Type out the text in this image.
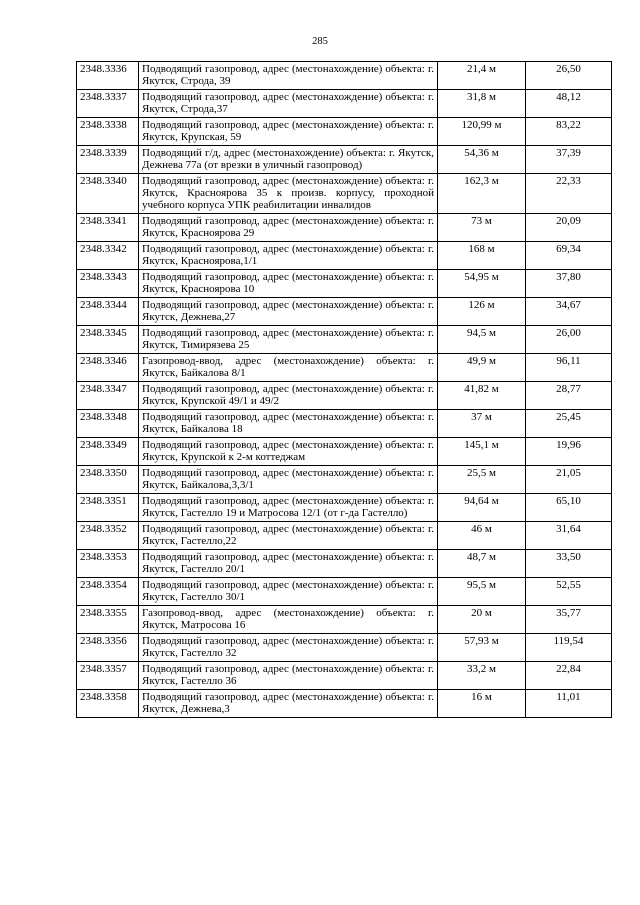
285
2348.3336	Подводящий газопровод, адрес (местонахождение) объекта: г. Якутск, Строда, 39	21,4 м	26,50
2348.3337	Подводящий газопровод, адрес (местонахождение) объекта: г. Якутск, Строда,37	31,8 м	48,12
2348.3338	Подводящий газопровод, адрес (местонахождение) объекта: г. Якутск, Крупская, 59	120,99 м	83,22
2348.3339	Подводящий г/д, адрес (местонахождение) объекта: г. Якутск, Дежнева 77а (от врезки в уличный газопровод)	54,36 м	37,39
2348.3340	Подводящий газопровод, адрес (местонахождение) объекта: г. Якутск, Красноярова 35 к произв. корпусу, проходной учебного корпуса УПК реабилитации инвалидов	162,3 м	22,33
2348.3341	Подводящий газопровод, адрес (местонахождение) объекта: г. Якутск, Красноярова 29	73 м	20,09
2348.3342	Подводящий газопровод, адрес (местонахождение) объекта: г. Якутск, Красноярова,1/1	168 м	69,34
2348.3343	Подводящий газопровод, адрес (местонахождение) объекта: г. Якутск, Красноярова 10	54,95 м	37,80
2348.3344	Подводящий газопровод, адрес (местонахождение) объекта: г. Якутск, Дежнева,27	126 м	34,67
2348.3345	Подводящий газопровод, адрес (местонахождение) объекта: г. Якутск, Тимирязева 25	94,5 м	26,00
2348.3346	Газопровод-ввод, адрес (местонахождение) объекта: г. Якутск, Байкалова 8/1	49,9 м	96,11
2348.3347	Подводящий газопровод, адрес (местонахождение) объекта: г. Якутск, Крупской 49/1 и 49/2	41,82 м	28,77
2348.3348	Подводящий газопровод, адрес (местонахождение) объекта: г. Якутск, Байкалова 18	37 м	25,45
2348.3349	Подводящий газопровод, адрес (местонахождение) объекта: г. Якутск, Крупской к 2-м коттеджам	145,1 м	19,96
2348.3350	Подводящий газопровод, адрес (местонахождение) объекта: г. Якутск, Байкалова,3,3/1	25,5 м	21,05
2348.3351	Подводящий газопровод, адрес (местонахождение) объекта: г. Якутск, Гастелло 19 и Матросова 12/1 (от г-да Гастелло)	94,64 м	65,10
2348.3352	Подводящий газопровод, адрес (местонахождение) объекта: г. Якутск, Гастелло,22	46 м	31,64
2348.3353	Подводящий газопровод, адрес (местонахождение) объекта: г. Якутск, Гастелло 20/1	48,7 м	33,50
2348.3354	Подводящий газопровод, адрес (местонахождение) объекта: г. Якутск, Гастелло 30/1	95,5 м	52,55
2348.3355	Газопровод-ввод, адрес (местонахождение) объекта: г. Якутск, Матросова 16	20 м	35,77
2348.3356	Подводящий газопровод, адрес (местонахождение) объекта: г. Якутск, Гастелло 32	57,93 м	119,54
2348.3357	Подводящий газопровод, адрес (местонахождение) объекта: г. Якутск, Гастелло 36	33,2 м	22,84
2348.3358	Подводящий газопровод, адрес (местонахождение) объекта: г. Якутск, Дежнева,3	16 м	11,01
